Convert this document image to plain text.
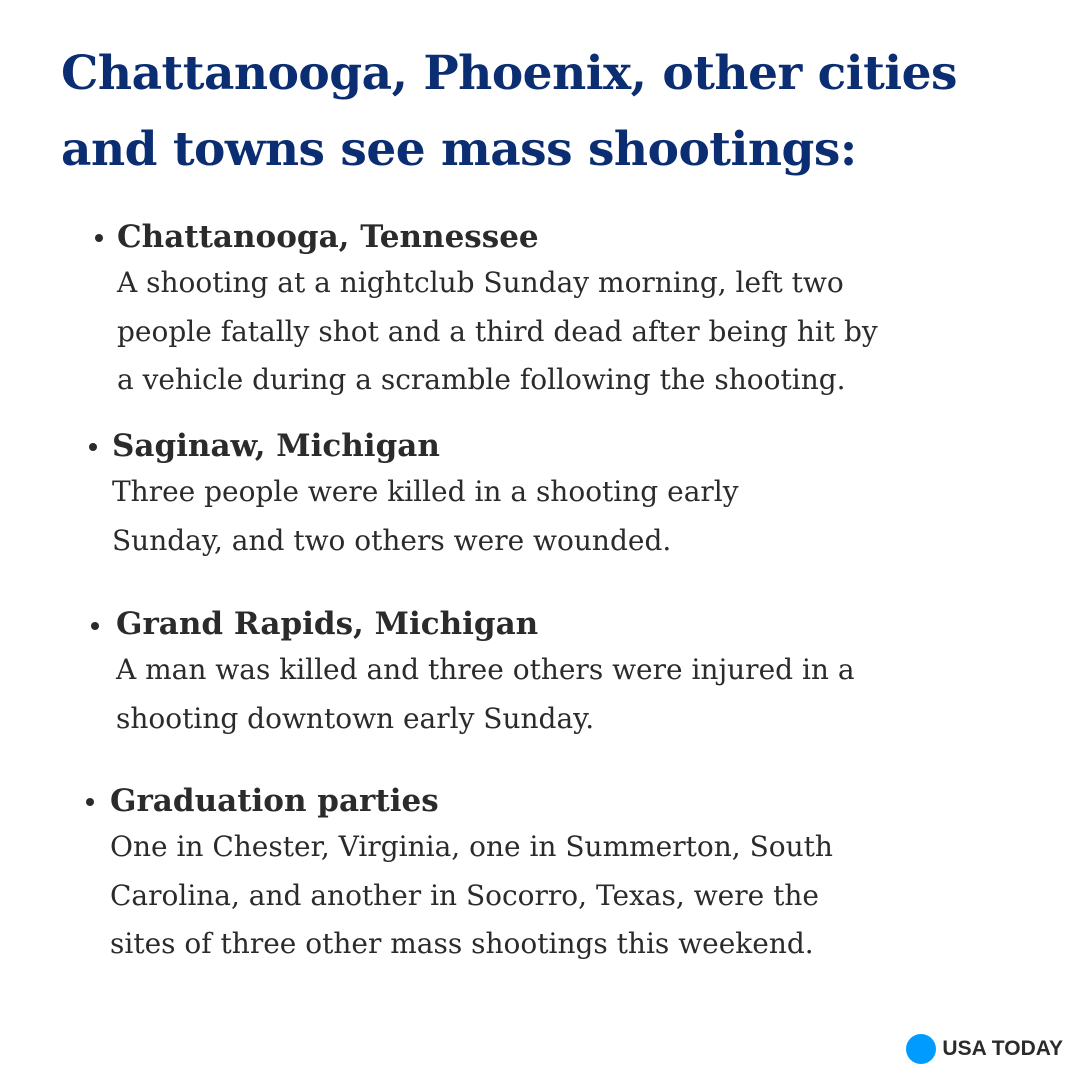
Chattanooga, Phoenix, other cities
and towns see mass shootings:

Chattanooga, Tennessee

A shooting at a nightclub Sunday morning, left two
people fatally shot and a third dead after being hit by
a vehicle during a scramble following the shooting.

Saginaw, Michigan

Three people were killed in a shooting early
Sunday, and two others were wounded.

Grand Rapids, Michigan

A man was killed and three others were injured in a
shooting downtown early Sunday.

Graduation parties

One in Chester, Virginia, one in Summerton, South
Carolina, and another in Socorro, Texas, were the
sites of three other mass shootings this weekend.

USA TODAY
